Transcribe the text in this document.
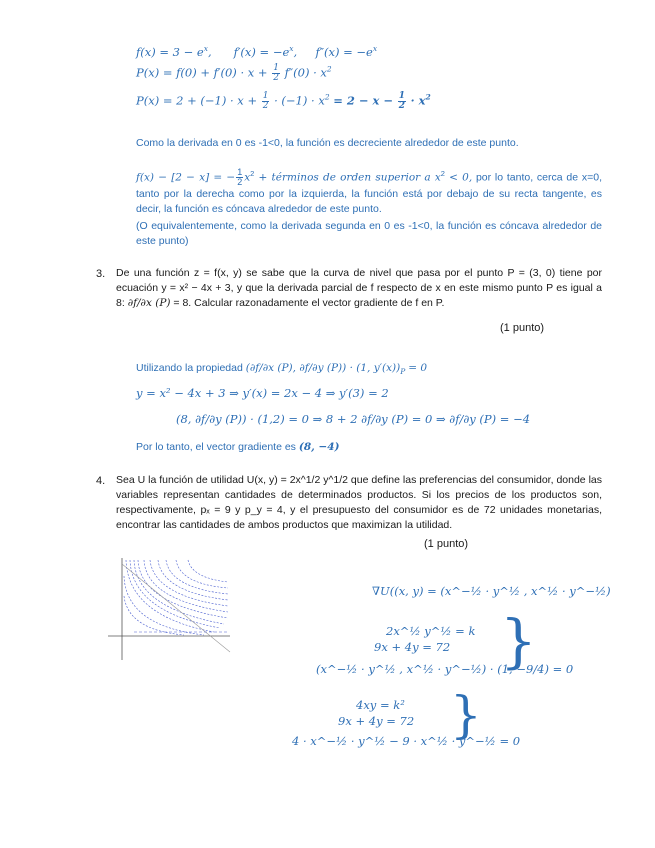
$f(x) = 3 - e^x$,      $f'(x) = -e^x$,     $f''(x) = -e^x$
$P(x) = f(0) + f'(0) \cdot x + \frac{1}{2} f''(0) \cdot x^2$
$P(x) = 2 + (-1) \cdot x + \frac{1}{2} \cdot (-1) \cdot x^2 = 2 - x - \frac{1}{2} \cdot x^2$
Como la derivada en 0 es -1<0, la función es decreciente alrededor de este punto.
f(x) − [2 − x] = − $\frac{1}{2} x^2$ + términos de orden superior a $x^2 < 0$, por lo tanto, cerca de x=0, tanto por la derecha como por la izquierda, la función está por debajo de su recta tangente, es decir, la función es cóncava alrededor de este punto.
(O equivalentemente, como la derivada segunda en 0 es -1<0, la función es cóncava alrededor de este punto)
3. De una función z = f(x, y) se sabe que la curva de nivel que pasa por el punto P = (3, 0) tiene por ecuación y = x² − 4x + 3, y que la derivada parcial de f respecto de x en este mismo punto P es igual a 8: ∂f/∂x (P) = 8. Calcular razonadamente el vector gradiente de f en P.
(1 punto)
Utilizando la propiedad (∂f/∂x (P), ∂f/∂y (P)) · (1, $y'(x))_P = 0$
y = x² − 4x + 3 ⇒ y′(x) = 2x − 4 ⇒ y′(3) = 2
(8, ∂f/∂y (P)) · (1,2) = 0 ⇒ 8 + 2 ∂f/∂y (P) = 0 ⇒ ∂f/∂y (P) = −4
Por lo tanto, el vector gradiente es (8, −4)
4. Sea U la función de utilidad U(x, y) = 2x^1/2 y^1/2 que define las preferencias del consumidor, donde las variables representan cantidades de determinados productos. Si los precios de los productos son, respectivamente, pₓ = 9 y p_y = 4, y el presupuesto del consumidor es de 72 unidades monetarias, encontrar las cantidades de ambos productos que maximizan la utilidad.
(1 punto)
∇U((x, y) = (x^−½ · y^½ , x^½ · y^−½)
2x^½ y^½ = k
9x + 4y = 72
(x^−½ · y^½ , x^½ · y^−½) · (1, −9/4) = 0
}
4xy = k²
9x + 4y = 72
4 · x^−½ · y^½ − 9 · x^½ · y^−½ = 0
}
